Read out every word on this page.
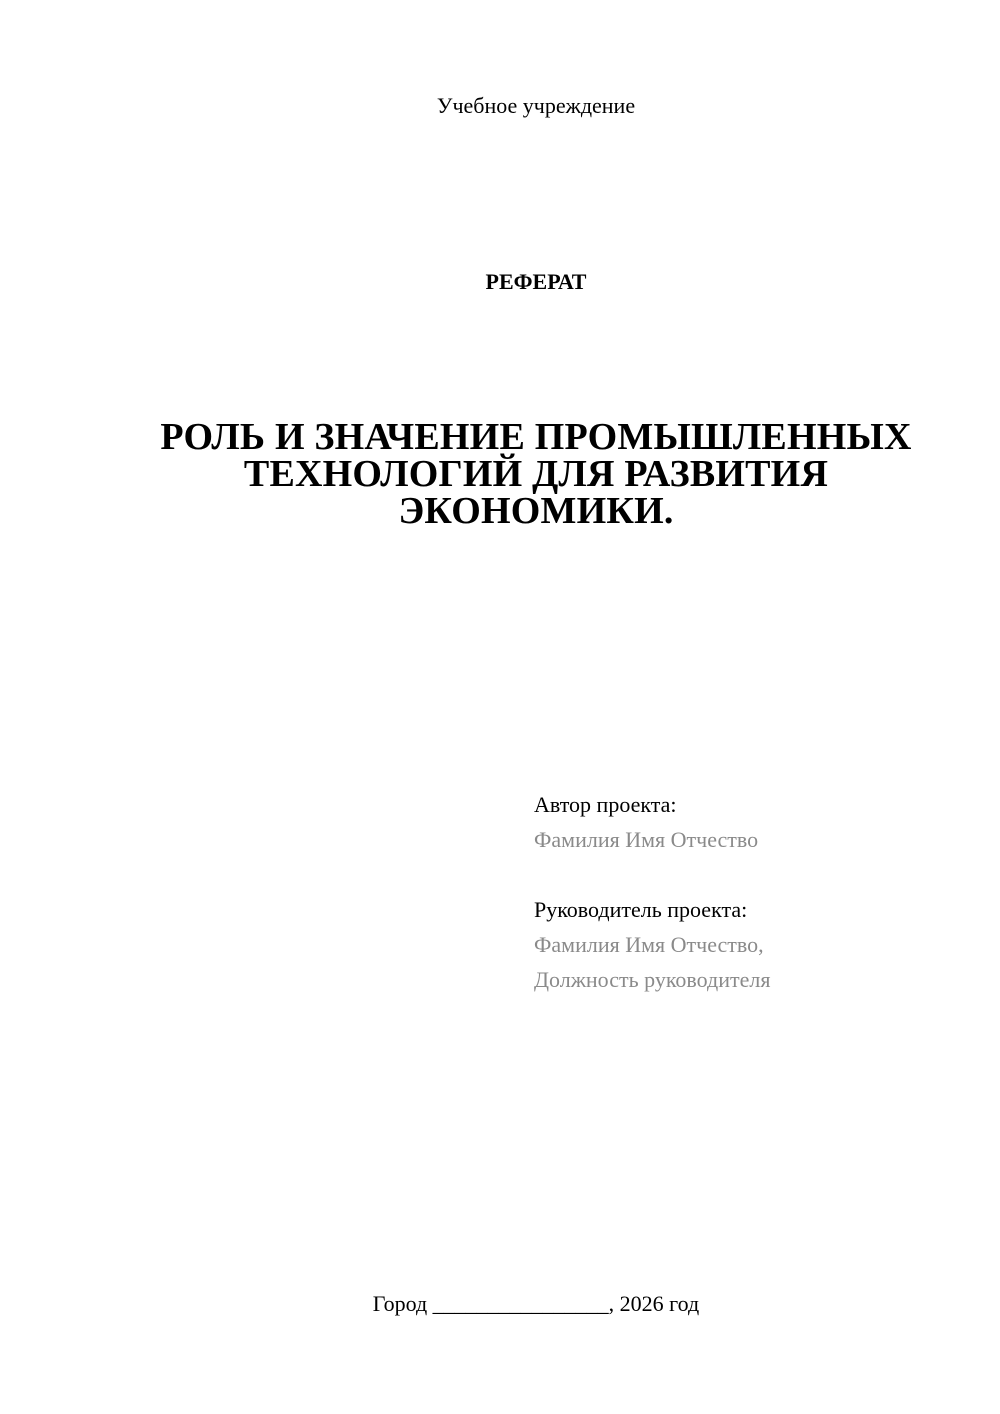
Учебное учреждение
РЕФЕРАТ
РОЛЬ И ЗНАЧЕНИЕ ПРОМЫШЛЕННЫХ
ТЕХНОЛОГИЙ ДЛЯ РАЗВИТИЯ
ЭКОНОМИКИ.
Автор проекта:
Фамилия Имя Отчество
Руководитель проекта:
Фамилия Имя Отчество,
Должность руководителя
Город ________________, 2026 год
